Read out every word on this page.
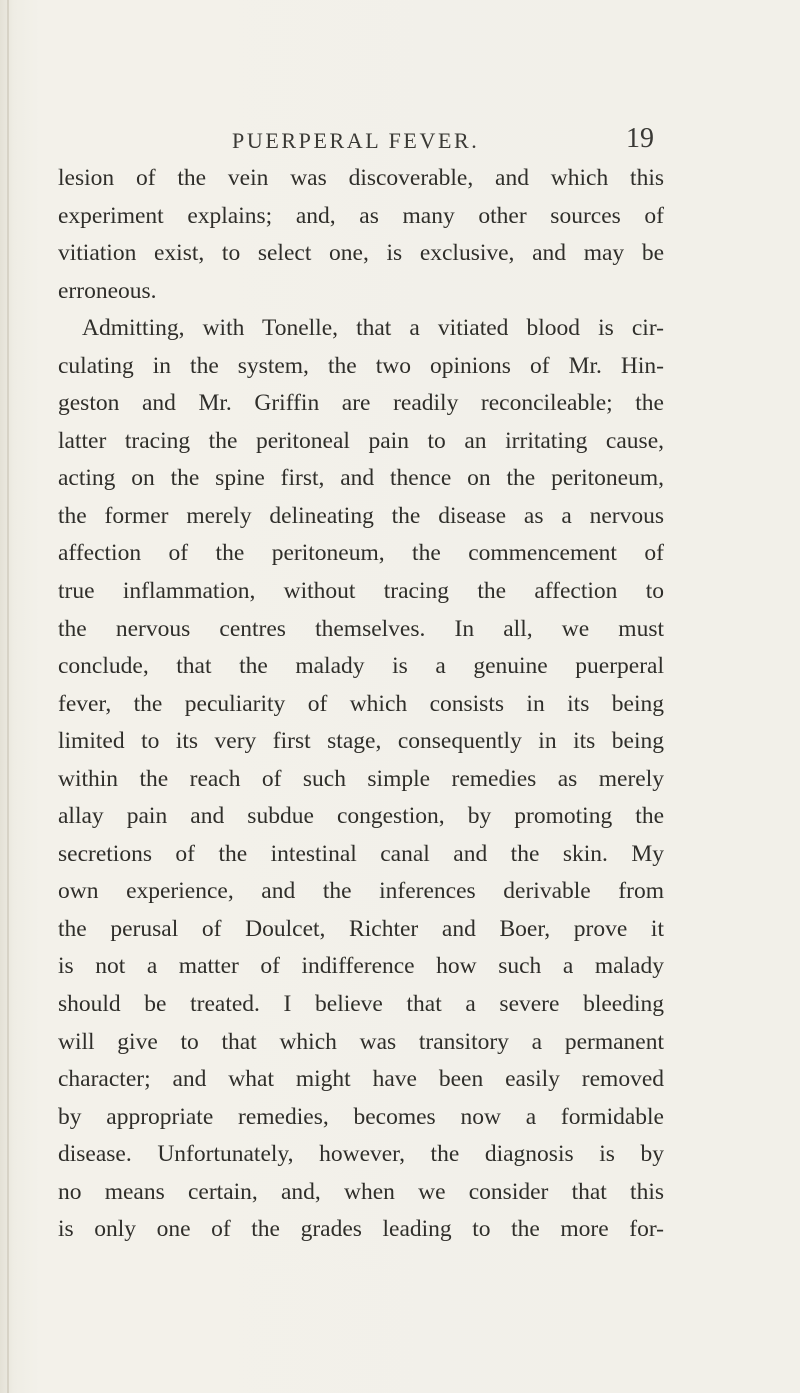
PUERPERAL FEVER.	19
lesion of the vein was discoverable, and which this
experiment explains; and, as many other sources of
vitiation exist, to select one, is exclusive, and may be
erroneous.
Admitting, with Tonelle, that a vitiated blood is cir-
culating in the system, the two opinions of Mr. Hin-
geston and Mr. Griffin are readily reconcileable; the
latter tracing the peritoneal pain to an irritating cause,
acting on the spine first, and thence on the peritoneum,
the former merely delineating the disease as a nervous
affection of the peritoneum, the commencement of
true inflammation, without tracing the affection to
the nervous centres themselves. In all, we must
conclude, that the malady is a genuine puerperal
fever, the peculiarity of which consists in its being
limited to its very first stage, consequently in its being
within the reach of such simple remedies as merely
allay pain and subdue congestion, by promoting the
secretions of the intestinal canal and the skin. My
own experience, and the inferences derivable from
the perusal of Doulcet, Richter and Boer, prove it
is not a matter of indifference how such a malady
should be treated. I believe that a severe bleeding
will give to that which was transitory a permanent
character; and what might have been easily removed
by appropriate remedies, becomes now a formidable
disease. Unfortunately, however, the diagnosis is by
no means certain, and, when we consider that this
is only one of the grades leading to the more for-
